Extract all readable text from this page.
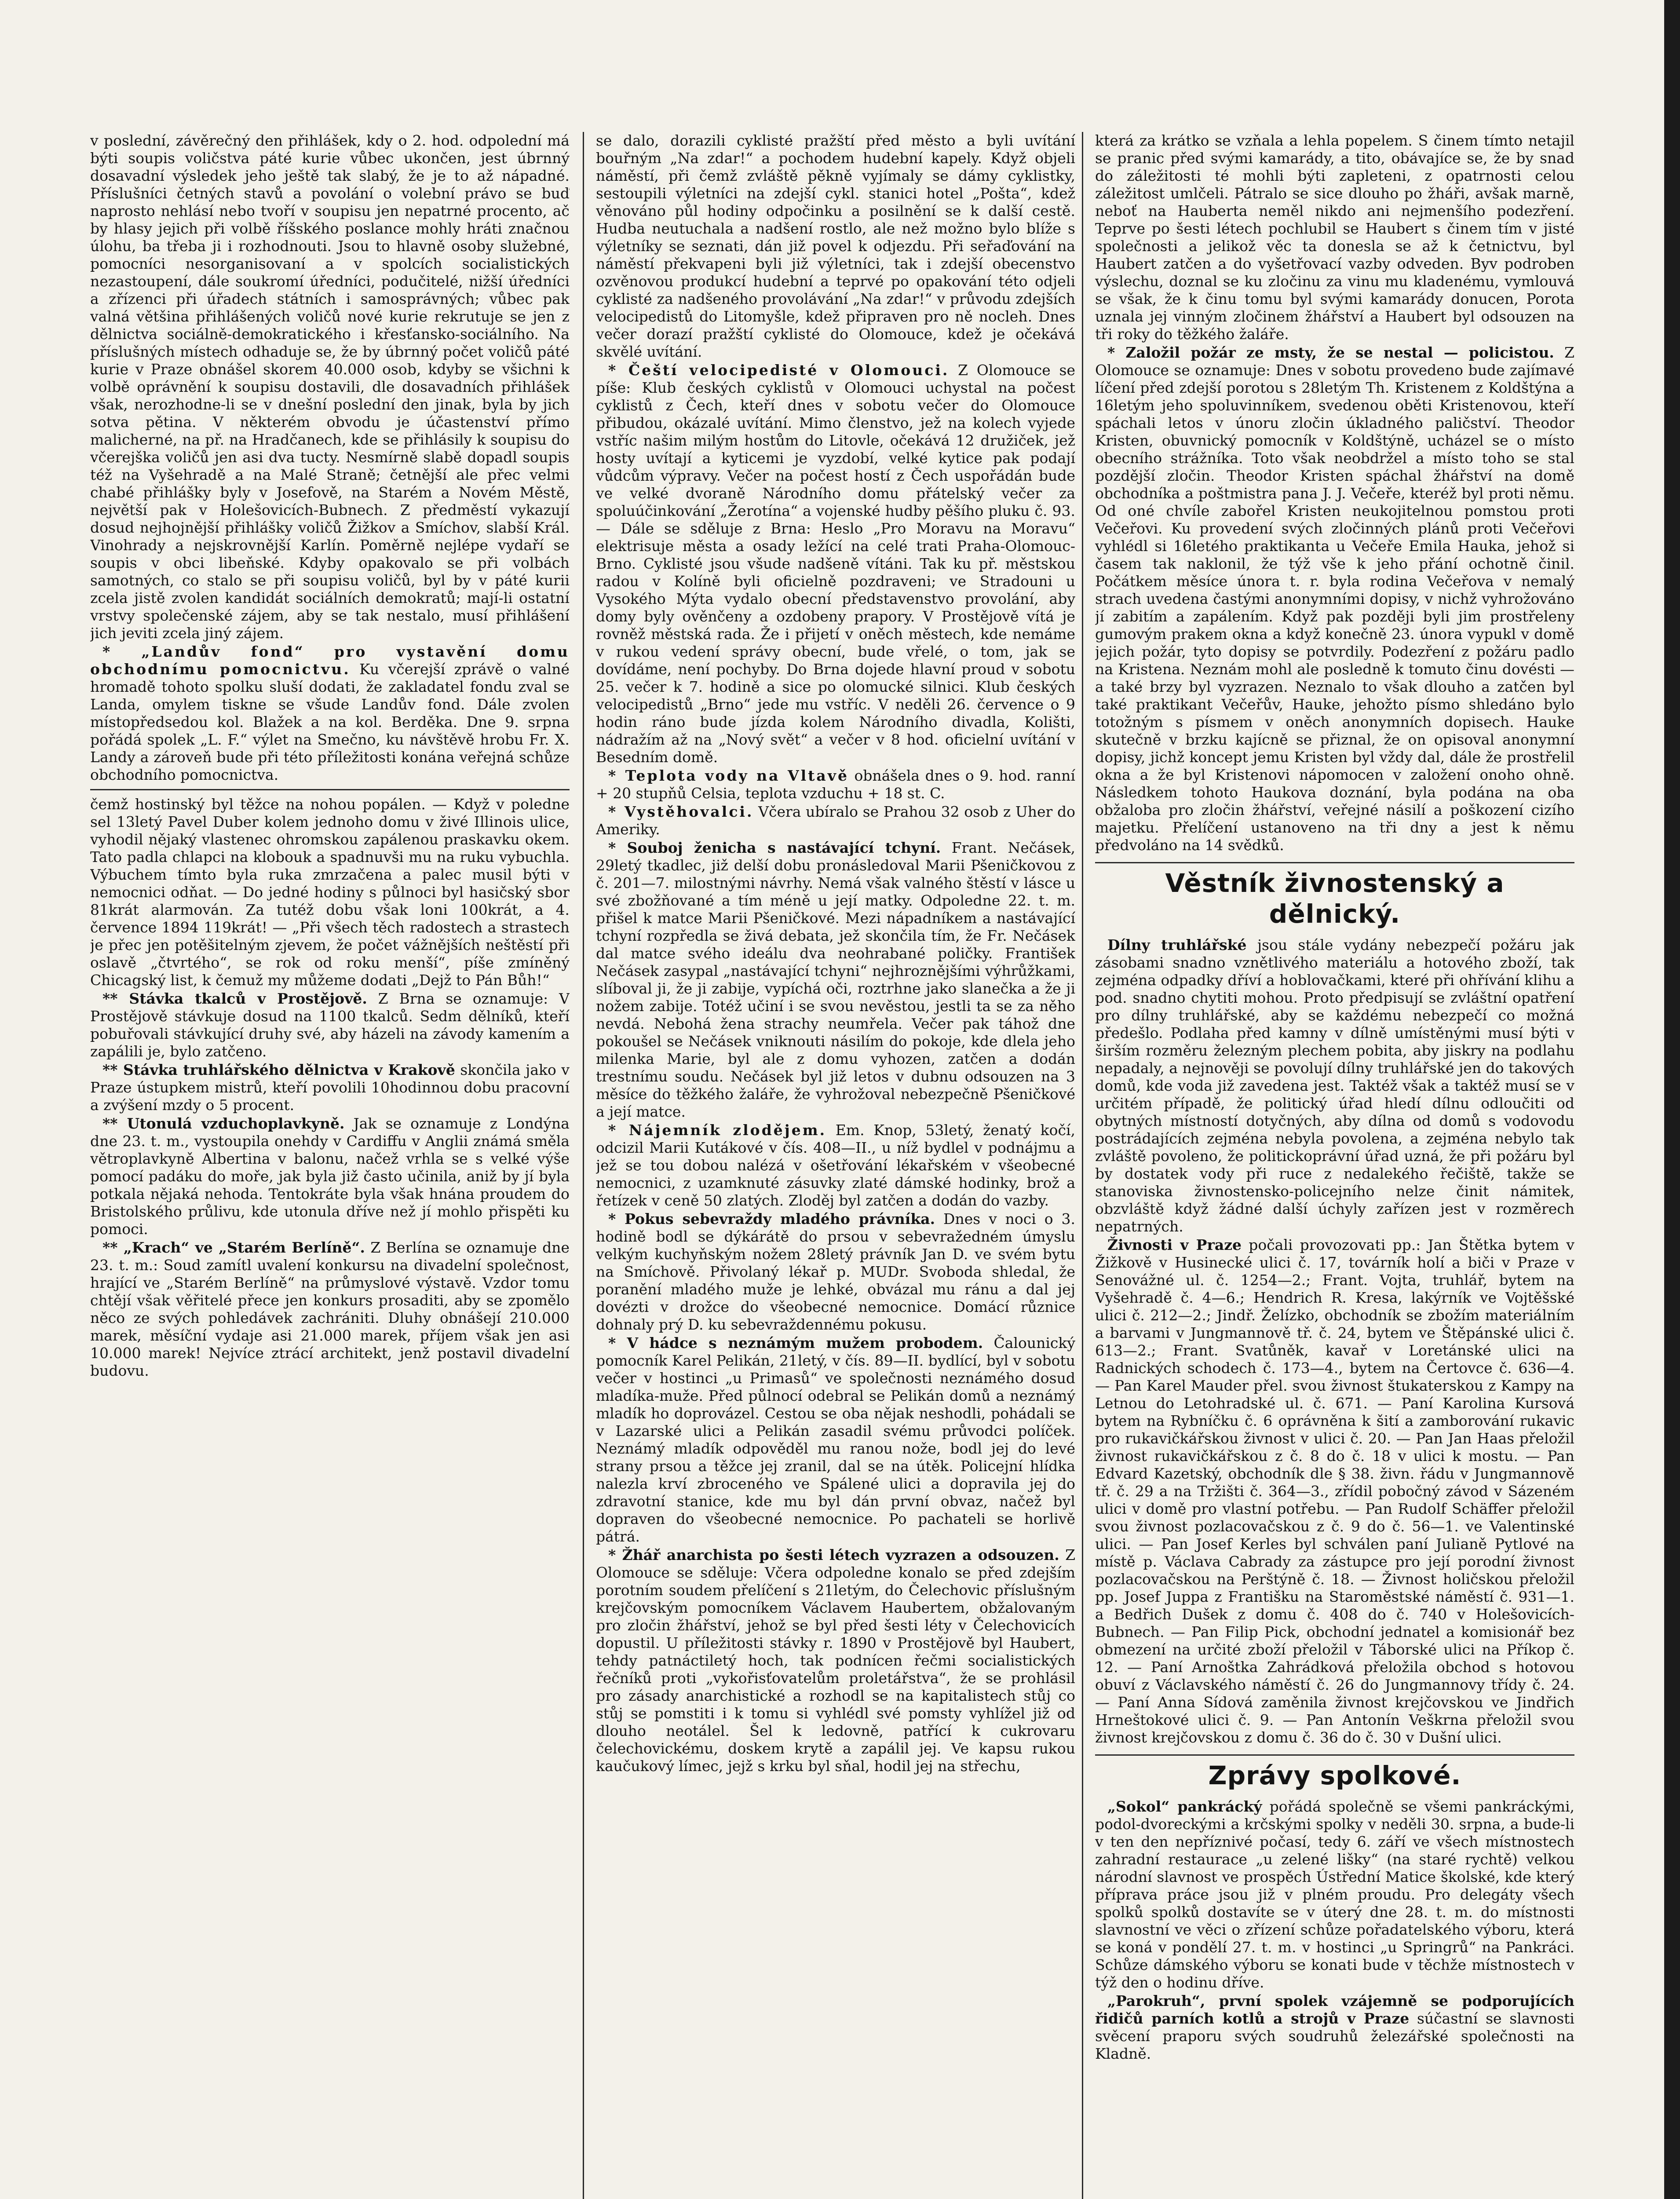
v poslední, závěrečný den přihlášek, kdy o 2. hod. odpolední má býti soupis voličstva páté kurie vůbec ukončen, jest úbrnný dosavadní výsledek jeho ještě tak slabý, že je to až nápadné. Příslušníci četných stavů a povolání o volební právo se buď naprosto nehlásí nebo tvoří v soupisu jen nepatrné procento, ač by hlasy jejich při volbě říšského poslance mohly hráti značnou úlohu, ba třeba ji i rozhodnouti. Jsou to hlavně osoby služebné, pomocníci nesorganisovaní a v spolcích socialistických nezastoupení, dále soukromí úředníci, podučitelé, nižší úředníci a zřízenci při úřadech státních i samosprávných; vůbec pak valná většina přihlášených voličů nové kurie rekrutuje se jen z dělnictva sociálně-demokratického i křesťansko-sociálního. Na příslušných místech odhaduje se, že by úbrnný počet voličů páté kurie v Praze obnášel skorem 40.000 osob, kdyby se všichni k volbě oprávnění k soupisu dostavili, dle dosavadních přihlášek však, nerozhodne-li se v dnešní poslední den jinak, byla by jich sotva pětina. V některém obvodu je účastenství přímo malicherné, na př. na Hradčanech, kde se přihlásily k soupisu do včerejška voličů jen asi dva tucty. Nesmírně slabě dopadl soupis též na Vyšehradě a na Malé Straně; četnější ale přec velmi chabé přihlášky byly v Josefově, na Starém a Novém Městě, největší pak v Holešovicích-Bubnech. Z předměstí vykazují dosud nejhojnější přihlášky voličů Žižkov a Smíchov, slabší Král. Vinohrady a nejskrovnější Karlín. Poměrně nejlépe vydaří se soupis v obci libeňské. Kdyby opakovalo se při volbách samotných, co stalo se při soupisu voličů, byl by v páté kurii zcela jistě zvolen kandidát sociálních demokratů; mají-li ostatní vrstvy společenské zájem, aby se tak nestalo, musí přihlášení jich jeviti zcela jiný zájem.

* „Landův fond“ pro vystavění domu obchodnímu pomocnictvu. Ku včerejší zprávě o valné hromadě tohoto spolku sluší dodati, že zakladatel fondu zval se Landa, omylem tiskne se všude Landův fond. Dále zvolen místopředsedou kol. Blažek a na kol. Berděka. Dne 9. srpna pořádá spolek „L. F.“ výlet na Smečno, ku návštěvě hrobu Fr. X. Landy a zároveň bude při této příležitosti konána veřejná schůze obchodního pomocnictva.

čemž hostinský byl těžce na nohou popálen. — Když v poledne sel 13letý Pavel Duber kolem jednoho domu v živé Illinois ulice, vyhodil nějaký vlastenec ohromskou zapálenou praskavku okem. Tato padla chlapci na klobouk a spadnuvši mu na ruku vybuchla. Výbuchem tímto byla ruka zmrzačena a palec musil býti v nemocnici odňat. — Do jedné hodiny s půlnoci byl hasičský sbor 81krát alarmován. Za tutéž dobu však loni 100krát, a 4. července 1894 119krát! — „Při všech těch radostech a strastech je přec jen potěšitelným zjevem, že počet vážnějších neštěstí při oslavě „čtvrtého“, se rok od roku menší“, píše zmíněný Chicagský list, k čemuž my můžeme dodati „Dejž to Pán Bůh!“

** Stávka tkalců v Prostějově. Z Brna se oznamuje: V Prostějově stávkuje dosud na 1100 tkalců. Sedm dělníků, kteří pobuřovali stávkující druhy své, aby házeli na závody kamením a zapálili je, bylo zatčeno.

** Stávka truhlářského dělnictva v Krakově skončila jako v Praze ústupkem mistrů, kteří povolili 10hodinnou dobu pracovní a zvýšení mzdy o 5 procent.

** Utonulá vzduchoplavkyně. Jak se oznamuje z Londýna dne 23. t. m., vystoupila onehdy v Cardiffu v Anglii známá směla větroplavkyně Albertina v balonu, načež vrhla se s velké výše pomocí padáku do moře, jak byla již často učinila, aniž by jí byla potkala nějaká nehoda. Tentokráte byla však hnána proudem do Bristolského průlivu, kde utonula dříve než jí mohlo přispěti ku pomoci.

** „Krach“ ve „Starém Berlíně“. Z Berlína se oznamuje dne 23. t. m.: Soud zamítl uvalení konkursu na divadelní společnost, hrající ve „Starém Berlíně“ na průmyslové výstavě. Vzdor tomu chtějí však věřitelé přece jen konkurs prosaditi, aby se zpomělo něco ze svých pohledávek zachrániti. Dluhy obnášejí 210.000 marek, měsíční vydaje asi 21.000 marek, příjem však jen asi 10.000 marek! Nejvíce ztrácí architekt, jenž postavil divadelní budovu.

se dalo, dorazili cyklisté pražští před město a byli uvítání bouřným „Na zdar!“ a pochodem hudební kapely. Když objeli náměstí, při čemž zvláště pěkně vyjímaly se dámy cyklistky, sestoupili výletníci na zdejší cykl. stanici hotel „Pošta“, kdež věnováno půl hodiny odpočinku a posilnění se k další cestě. Hudba neutuchala a nadšení rostlo, ale než možno bylo blíže s výletníky se seznati, dán již povel k odjezdu. Při seřaďování na náměstí překvapeni byli již výletníci, tak i zdejší obecenstvo ozvěnovou produkcí hudební a teprvé po opakování této odjeli cyklisté za nadšeného provolávání „Na zdar!“ v průvodu zdejších velocipedistů do Litomyšle, kdež připraven pro ně nocleh. Dnes večer dorazí pražští cyklisté do Olomouce, kdež je očekává skvělé uvítání.

* Čeští velocipedisté v Olomouci. Z Olomouce se píše: Klub českých cyklistů v Olomouci uchystal na počest cyklistů z Čech, kteří dnes v sobotu večer do Olomouce přibudou, okázalé uvítání. Mimo členstvo, jež na kolech vyjede vstříc našim milým hostům do Litovle, očekává 12 družiček, jež hosty uvítají a kyticemi je vyzdobí, velké kytice pak podají vůdcům výpravy. Večer na počest hostí z Čech uspořádán bude ve velké dvoraně Národního domu přátelský večer za spoluúčinkování „Žerotína“ a vojenské hudby pěšího pluku č. 93. — Dále se sděluje z Brna: Heslo „Pro Moravu na Moravu“ elektrisuje města a osady ležící na celé trati Praha-Olomouc-Brno. Cyklisté jsou všude nadšeně vítáni. Tak ku př. městskou radou v Kolíně byli oficielně pozdraveni; ve Stradouni u Vysokého Mýta vydalo obecní představenstvo provolání, aby domy byly ověnčeny a ozdobeny prapory. V Prostějově vítá je rovněž městská rada. Že i přijetí v oněch městech, kde nemáme v rukou vedení správy obecní, bude vřelé, o tom, jak se dovídáme, není pochyby. Do Brna dojede hlavní proud v sobotu 25. večer k 7. hodině a sice po olomucké silnici. Klub českých velocipedistů „Brno“ jede mu vstříc. V neděli 26. července o 9 hodin ráno bude jízda kolem Národního divadla, Kolišti, nádražím až na „Nový svět“ a večer v 8 hod. oficielní uvítání v Besedním domě.

* Teplota vody na Vltavě obnášela dnes o 9. hod. ranní + 20 stupňů Celsia, teplota vzduchu + 18 st. C.

* Vystěhovalci. Včera ubíralo se Prahou 32 osob z Uher do Ameriky.

* Souboj ženicha s nastávající tchyní. Frant. Nečásek, 29letý tkadlec, již delší dobu pronásledoval Marii Pšeničkovou z č. 201—7. milostnými návrhy. Nemá však valného štěstí v lásce u své zbožňované a tím méně u její matky. Odpoledne 22. t. m. přišel k matce Marii Pšeničkové. Mezi nápadníkem a nastávající tchyní rozpředla se živá debata, jež skončila tím, že Fr. Nečásek dal matce svého ideálu dva neohrabané poličky. František Nečásek zasypal „nastávající tchyni“ nejhroznějšími výhrůžkami, slíboval ji, že ji zabije, vypíchá oči, roztrhne jako slanečka a že ji nožem zabije. Totéž učiní i se svou nevěstou, jestli ta se za něho nevdá. Nebohá žena strachy neumřela. Večer pak táhož dne pokoušel se Nečásek vniknouti násilím do pokoje, kde dlela jeho milenka Marie, byl ale z domu vyhozen, zatčen a dodán trestnímu soudu. Nečásek byl již letos v dubnu odsouzen na 3 měsíce do těžkého žaláře, že vyhrožoval nebezpečně Pšeničkové a její matce.

* Nájemník zlodějem. Em. Knop, 53letý, ženatý kočí, odcizil Marii Kutákové v čís. 408—II., u níž bydlel v podnájmu a jež se tou dobou nalézá v ošetřování lékařském v všeobecné nemocnici, z uzamknuté zásuvky zlaté dámské hodinky, brož a řetízek v ceně 50 zlatých. Zloděj byl zatčen a dodán do vazby.

* Pokus sebevraždy mladého právníka. Dnes v noci o 3. hodině bodl se dýkárátě do prsou v sebevražedném úmyslu velkým kuchyňským nožem 28letý právník Jan D. ve svém bytu na Smíchově. Přivolaný lékař p. MUDr. Svoboda shledal, že poranění mladého muže je lehké, obvázal mu ránu a dal jej dovézti v drožce do všeobecné nemocnice. Domácí různice dohnaly prý D. ku sebevraždennému pokusu.

* V hádce s neznámým mužem probodem. Čalounický pomocník Karel Pelikán, 21letý, v čís. 89—II. bydlící, byl v sobotu večer v hostinci „u Primasů“ ve společnosti neznámého dosud mladíka-muže. Před půlnocí odebral se Pelikán domů a neznámý mladík ho doprovázel. Cestou se oba nějak neshodli, pohádali se v Lazarské ulici a Pelikán zasadil svému průvodci políček. Neznámý mladík odpověděl mu ranou nože, bodl jej do levé strany prsou a těžce jej zranil, dal se na útěk. Policejní hlídka nalezla krví zbroceného ve Spálené ulici a dopravila jej do zdravotní stanice, kde mu byl dán první obvaz, načež byl dopraven do všeobecné nemocnice. Po pachateli se horlivě pátrá.

* Žhář anarchista po šesti létech vyzrazen a odsouzen. Z Olomouce se sděluje: Včera odpoledne konalo se před zdejším porotním soudem přelíčení s 21letým, do Čelechovic příslušným krejčovským pomocníkem Václavem Haubertem, obžalovaným pro zločin žhářství, jehož se byl před šesti léty v Čelechovicích dopustil. U příležitosti stávky r. 1890 v Prostějově byl Haubert, tehdy patnáctiletý hoch, tak podnícen řečmi socialistických řečníků proti „vykořisťovatelům proletářstva“, že se prohlásil pro zásady anarchistické a rozhodl se na kapitalistech stůj co stůj se pomstiti i k tomu si vyhlédl své pomsty vyhlížel již od dlouho neotálel. Šel k ledovně, patřící k cukrovaru čelechovickému, doskem krytě a zapálil jej. Ve kapsu rukou kaučukový límec, jejž s krku byl sňal, hodil jej na střechu,

která za krátko se vzňala a lehla popelem. S činem tímto netajil se pranic před svými kamarády, a tito, obávajíce se, že by snad do záležitosti té mohli býti zapleteni, z opatrnosti celou záležitost umlčeli. Pátralo se sice dlouho po žháři, avšak marně, neboť na Hauberta neměl nikdo ani nejmenšího podezření. Teprve po šesti létech pochlubil se Haubert s činem tím v jisté společnosti a jelikož věc ta donesla se až k četnictvu, byl Haubert zatčen a do vyšetřovací vazby odveden. Byv podroben výslechu, doznal se ku zločinu za vinu mu kladenému, vymlouvá se však, že k činu tomu byl svými kamarády donucen, Porota uznala jej vinným zločinem žhářství a Haubert byl odsouzen na tři roky do těžkého žaláře.

* Založil požár ze msty, že se nestal — policistou. Z Olomouce se oznamuje: Dnes v sobotu provedeno bude zajímavé líčení před zdejší porotou s 28letým Th. Kristenem z Koldštýna a 16letým jeho spoluvinníkem, svedenou oběti Kristenovou, kteří spáchali letos v únoru zločin úkladného paličství. Theodor Kristen, obuvnický pomocník v Koldštýně, ucházel se o místo obecního strážníka. Toto však neobdržel a místo toho se stal pozdější zločin. Theodor Kristen spáchal žhářství na domě obchodníka a poštmistra pana J. J. Večeře, kteréž byl proti němu. Od oné chvíle zabořel Kristen neukojitelnou pomstou proti Večeřovi. Ku provedení svých zločinných plánů proti Večeřovi vyhlédl si 16letého praktikanta u Večeře Emila Hauka, jehož si časem tak naklonil, že týž vše k jeho přání ochotně činil. Počátkem měsíce února t. r. byla rodina Večeřova v nemalý strach uvedena častými anonymními dopisy, v nichž vyhrožováno jí zabitím a zapálením. Když pak později byli jim prostřeleny gumovým prakem okna a když konečně 23. února vypukl v domě jejich požár, tyto dopisy se potvrdily. Podezření z požáru padlo na Kristena. Neznám mohl ale posledně k tomuto činu dovésti — a také brzy byl vyzrazen. Neznalo to však dlouho a zatčen byl také praktikant Večeřův, Hauke, jehožto písmo shledáno bylo totožným s písmem v oněch anonymních dopisech. Hauke skutečně v brzku kajícně se přiznal, že on opisoval anonymní dopisy, jichž koncept jemu Kristen byl vždy dal, dále že prostřelil okna a že byl Kristenovi nápomocen v založení onoho ohně. Následkem tohoto Haukova doznání, byla podána na oba obžaloba pro zločin žhářství, veřejné násilí a poškození cizího majetku. Přelíčení ustanoveno na tři dny a jest k němu předvoláno na 14 svědků.

Věstník živnostenský a dělnický.

Dílny truhlářské jsou stále vydány nebezpečí požáru jak zásobami snadno vznětlivého materiálu a hotového zboží, tak zejména odpadky dříví a hoblovačkami, které při ohřívání klihu a pod. snadno chytiti mohou. Proto předpisují se zvláštní opatření pro dílny truhlářské, aby se každému nebezpečí co možná předešlo. Podlaha před kamny v dílně umístěnými musí býti v širším rozměru železným plechem pobita, aby jiskry na podlahu nepadaly, a nejnověji se povolují dílny truhlářské jen do takových domů, kde voda již zavedena jest. Taktéž však a taktéž musí se v určitém případě, že politický úřad hledí dílnu odloučiti od obytných místností dotyčných, aby dílna od domů s vodovodu postrádajících zejména nebyla povolena, a zejména nebylo tak zvláště povoleno, že politickoprávní úřad uzná, že při požáru byl by dostatek vody při ruce z nedalekého řečiště, takže se stanoviska živnostensko-policejního nelze činit námitek, obzvláště když žádné další úchyly zařízen jest v rozměrech nepatrných.

Živnosti v Praze počali provozovati pp.: Jan Štětka bytem v Žižkově v Husinecké ulici č. 17, továrník holí a biči v Praze v Senovážné ul. č. 1254—2.; Frant. Vojta, truhlář, bytem na Vyšehradě č. 4—6.; Hendrich R. Kresa, lakýrník ve Vojtěšské ulici č. 212—2.; Jindř. Želízko, obchodník se zbožím materiálním a barvami v Jungmannově tř. č. 24, bytem ve Štěpánské ulici č. 613—2.; Frant. Svatůněk, kavař v Loretánské ulici na Radnických schodech č. 173—4., bytem na Čertovce č. 636—4. — Pan Karel Mauder přel. svou živnost štukaterskou z Kampy na Letnou do Letohradské ul. č. 671. — Paní Karolina Kursová bytem na Rybníčku č. 6 oprávněna k šití a zamborování rukavic pro rukavičkářskou živnost v ulici č. 20. — Pan Jan Haas přeložil živnost rukavičkářskou z č. 8 do č. 18 v ulici k mostu. — Pan Edvard Kazetský, obchodník dle § 38. živn. řádu v Jungmannově tř. č. 29 a na Tržišti č. 364—3., zřídil pobočný závod v Sázeném ulici v domě pro vlastní potřebu. — Pan Rudolf Schäffer přeložil svou živnost pozlacovačskou z č. 9 do č. 56—1. ve Valentinské ulici. — Pan Josef Kerles byl schválen paní Julianě Pytlové na místě p. Václava Cabrady za zástupce pro její porodní živnost pozlacovačskou na Perštýně č. 18. — Živnost holičskou přeložil pp. Josef Juppa z Františku na Staroměstské náměstí č. 931—1. a Bedřich Dušek z domu č. 408 do č. 740 v Holešovicích-Bubnech. — Pan Filip Pick, obchodní jednatel a komisionář bez obmezení na určité zboží přeložil v Táborské ulici na Příkop č. 12. — Paní Arnoštka Zahrádková přeložila obchod s hotovou obuví z Václavského náměstí č. 26 do Jungmannovy třídy č. 24. — Paní Anna Sídová zaměnila živnost krejčovskou ve Jindřich Hrneštokové ulici č. 9. — Pan Antonín Veškrna přeložil svou živnost krejčovskou z domu č. 36 do č. 30 v Dušní ulici.

Zprávy spolkové.

„Sokol“ pankrácký pořádá společně se všemi pankráckými, podol-dvoreckými a krčskými spolky v neděli 30. srpna, a bude-li v ten den nepříznivé počasí, tedy 6. září ve všech místnostech zahradní restaurace „u zelené lišky“ (na staré rychtě) velkou národní slavnost ve prospěch Ústřední Matice školské, kde který příprava práce jsou již v plném proudu. Pro delegáty všech spolků spolků dostavíte se v úterý dne 28. t. m. do místnosti slavnostní ve věci o zřízení schůze pořadatelského výboru, která se koná v pondělí 27. t. m. v hostinci „u Springrů“ na Pankráci. Schůze dámského výboru se konati bude v těchže místnostech v týž den o hodinu dříve.

„Parokruh“, první spolek vzájemně se podporujících řidičů parních kotlů a strojů v Praze súčastní se slavnosti svěcení praporu svých soudruhů železářské společnosti na Kladně.
